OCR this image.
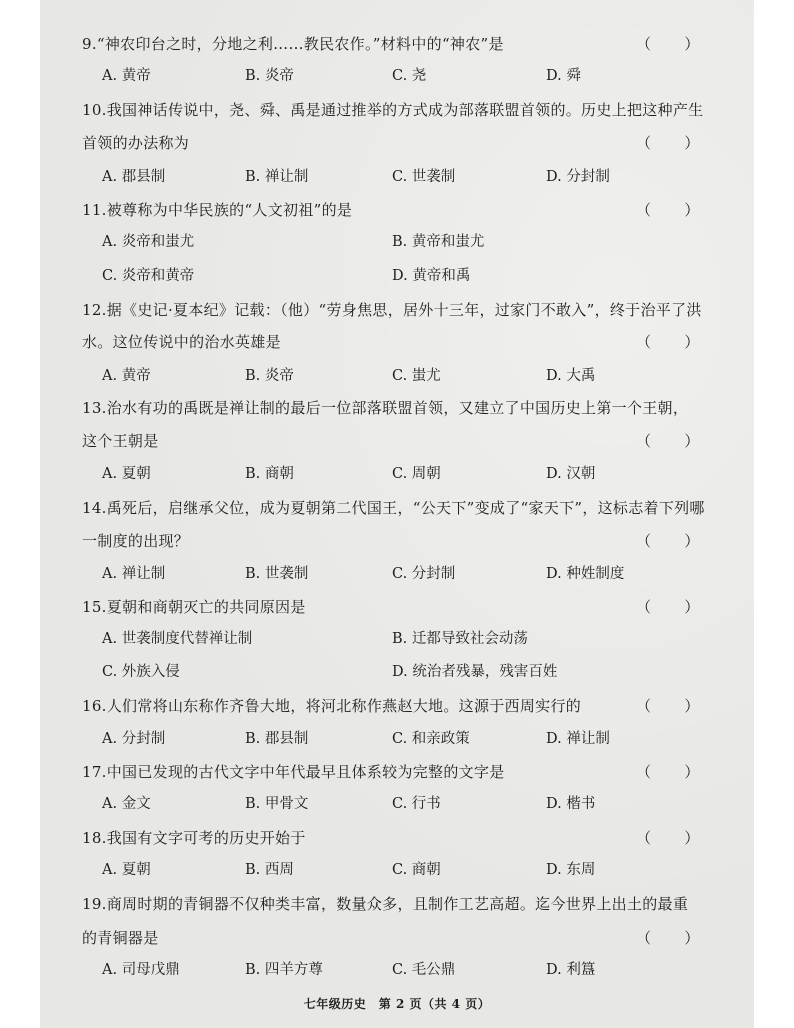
9.“神农印台之时，分地之利……教民农作。”材料中的“神农”是	（       ）
A. 黄帝	B. 炎帝	C. 尧	D. 舜
10.我国神话传说中，尧、舜、禹是通过推举的方式成为部落联盟首领的。历史上把这种产生
首领的办法称为	（       ）
A. 郡县制	B. 禅让制	C. 世袭制	D. 分封制
11.被尊称为中华民族的“人文初祖”的是	（       ）
A. 炎帝和蚩尤	B. 黄帝和蚩尤
C. 炎帝和黄帝	D. 黄帝和禹
12.据《史记·夏本纪》记载：（他）“劳身焦思，居外十三年，过家门不敢入”，终于治平了洪
水。这位传说中的治水英雄是	（       ）
A. 黄帝	B. 炎帝	C. 蚩尤	D. 大禹
13.治水有功的禹既是禅让制的最后一位部落联盟首领，又建立了中国历史上第一个王朝，
这个王朝是	（       ）
A. 夏朝	B. 商朝	C. 周朝	D. 汉朝
14.禹死后，启继承父位，成为夏朝第二代国王，“公天下”变成了“家天下”，这标志着下列哪
一制度的出现？	（       ）
A. 禅让制	B. 世袭制	C. 分封制	D. 种姓制度
15.夏朝和商朝灭亡的共同原因是	（       ）
A. 世袭制度代替禅让制	B. 迁都导致社会动荡
C. 外族入侵	D. 统治者残暴，残害百姓
16.人们常将山东称作齐鲁大地，将河北称作燕赵大地。这源于西周实行的	（       ）
A. 分封制	B. 郡县制	C. 和亲政策	D. 禅让制
17.中国已发现的古代文字中年代最早且体系较为完整的文字是	（       ）
A. 金文	B. 甲骨文	C. 行书	D. 楷书
18.我国有文字可考的历史开始于	（       ）
A. 夏朝	B. 西周	C. 商朝	D. 东周
19.商周时期的青铜器不仅种类丰富，数量众多，且制作工艺高超。迄今世界上出土的最重
的青铜器是	（       ）
A. 司母戊鼎	B. 四羊方尊	C. 毛公鼎	D. 利簋
七年级历史　第 2 页（共 4 页）
